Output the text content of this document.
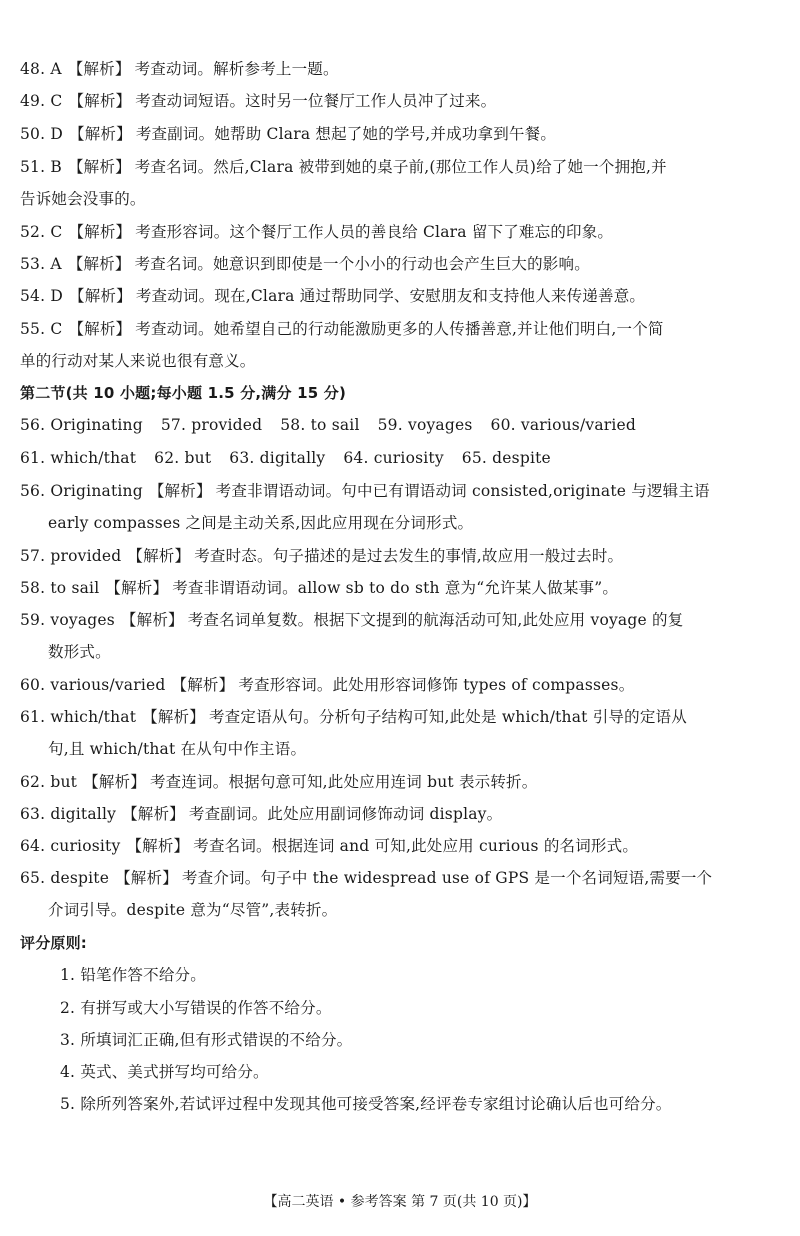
48. A 【解析】 考查动词。解析参考上一题。
49. C 【解析】 考查动词短语。这时另一位餐厅工作人员冲了过来。
50. D 【解析】 考查副词。她帮助 Clara 想起了她的学号,并成功拿到午餐。
51. B 【解析】 考查名词。然后,Clara 被带到她的桌子前,(那位工作人员)给了她一个拥抱,并
告诉她会没事的。
52. C 【解析】 考查形容词。这个餐厅工作人员的善良给 Clara 留下了难忘的印象。
53. A 【解析】 考查名词。她意识到即使是一个小小的行动也会产生巨大的影响。
54. D 【解析】 考查动词。现在,Clara 通过帮助同学、安慰朋友和支持他人来传递善意。
55. C 【解析】 考查动词。她希望自己的行动能激励更多的人传播善意,并让他们明白,一个简
单的行动对某人来说也很有意义。
第二节(共 10 小题;每小题 1.5 分,满分 15 分)
56. Originating 57. provided 58. to sail 59. voyages 60. various/varied
61. which/that 62. but 63. digitally 64. curiosity 65. despite
56. Originating 【解析】 考查非谓语动词。句中已有谓语动词 consisted,originate 与逻辑主语
early compasses 之间是主动关系,因此应用现在分词形式。
57. provided 【解析】 考查时态。句子描述的是过去发生的事情,故应用一般过去时。
58. to sail 【解析】 考查非谓语动词。allow sb to do sth 意为“允许某人做某事”。
59. voyages 【解析】 考查名词单复数。根据下文提到的航海活动可知,此处应用 voyage 的复
数形式。
60. various/varied 【解析】 考查形容词。此处用形容词修饰 types of compasses。
61. which/that 【解析】 考查定语从句。分析句子结构可知,此处是 which/that 引导的定语从
句,且 which/that 在从句中作主语。
62. but 【解析】 考查连词。根据句意可知,此处应用连词 but 表示转折。
63. digitally 【解析】 考查副词。此处应用副词修饰动词 display。
64. curiosity 【解析】 考查名词。根据连词 and 可知,此处应用 curious 的名词形式。
65. despite 【解析】 考查介词。句子中 the widespread use of GPS 是一个名词短语,需要一个
介词引导。despite 意为“尽管”,表转折。
评分原则:
1. 铅笔作答不给分。
2. 有拼写或大小写错误的作答不给分。
3. 所填词汇正确,但有形式错误的不给分。
4. 英式、美式拼写均可给分。
5. 除所列答案外,若试评过程中发现其他可接受答案,经评卷专家组讨论确认后也可给分。
【高二英语 • 参考答案 第 7 页(共 10 页)】
